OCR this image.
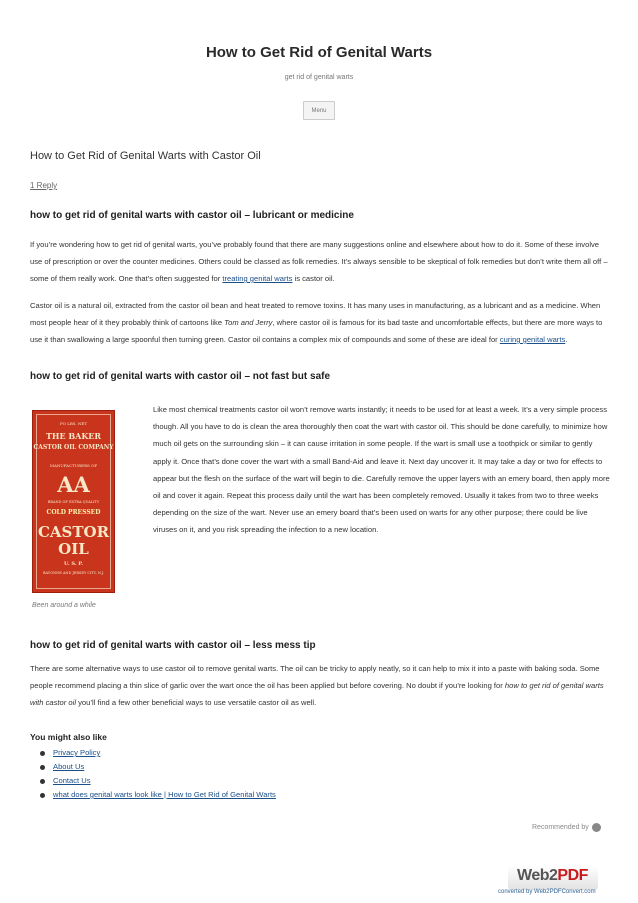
How to Get Rid of Genital Warts
get rid of genital warts
Menu
How to Get Rid of Genital Warts with Castor Oil
1 Reply
how to get rid of genital warts with castor oil – lubricant or medicine

If you’re wondering how to get rid of genital warts, you’ve probably found that there are many suggestions online and elsewhere about how to do it. Some of these involve use of prescription or over the counter medicines. Others could be classed as folk remedies. It’s always sensible to be skeptical of folk remedies but don’t write them all off – some of them really work. One that’s often suggested for treating genital warts is castor oil.

Castor oil is a natural oil, extracted from the castor oil bean and heat treated to remove toxins. It has many uses in manufacturing, as a lubricant and as a medicine. When most people hear of it they probably think of cartoons like Tom and Jerry, where castor oil is famous for its bad taste and uncomfortable effects, but there are more ways to use it than swallowing a large spoonful then turning green. Castor oil contains a complex mix of compounds and some of these are ideal for curing genital warts.

how to get rid of genital warts with castor oil – not fast but safe
PO LBS. NET
THE BAKER
CASTOR OIL COMPANY
MANUFACTURERS OF
AA
BRAND OF EXTRA QUALITY
COLD PRESSED
CASTOR
OIL
U. S. P.
BAYONNE AND JERSEY CITY, N.J.
Been around a while

Like most chemical treatments castor oil won’t remove warts instantly; it needs to be used for at least a week. It’s a very simple process though. All you have to do is clean the area thoroughly then coat the wart with castor oil. This should be done carefully, to minimize how much oil gets on the surrounding skin – it can cause irritation in some people. If the wart is small use a toothpick or similar to gently apply it. Once that’s done cover the wart with a small Band-Aid and leave it. Next day uncover it. It may take a day or two for effects to appear but the flesh on the surface of the wart will begin to die. Carefully remove the upper layers with an emery board, then apply more oil and cover it again. Repeat this process daily until the wart has been completely removed. Usually it takes from two to three weeks depending on the size of the wart. Never use an emery board that’s been used on warts for any other purpose; there could be live viruses on it, and you risk spreading the infection to a new location.

how to get rid of genital warts with castor oil – less mess tip

There are some alternative ways to use castor oil to remove genital warts. The oil can be tricky to apply neatly, so it can help to mix it into a paste with baking soda. Some people recommend placing a thin slice of garlic over the wart once the oil has been applied but before covering. No doubt if you’re looking for how to get rid of genital warts with castor oil you’ll find a few other beneficial ways to use versatile castor oil as well.

You might also like
Privacy Policy
About Us
Contact Us
what does genital warts look like | How to Get Rid of Genital Warts
Recommended by
Web2PDF
converted by Web2PDFConvert.com
